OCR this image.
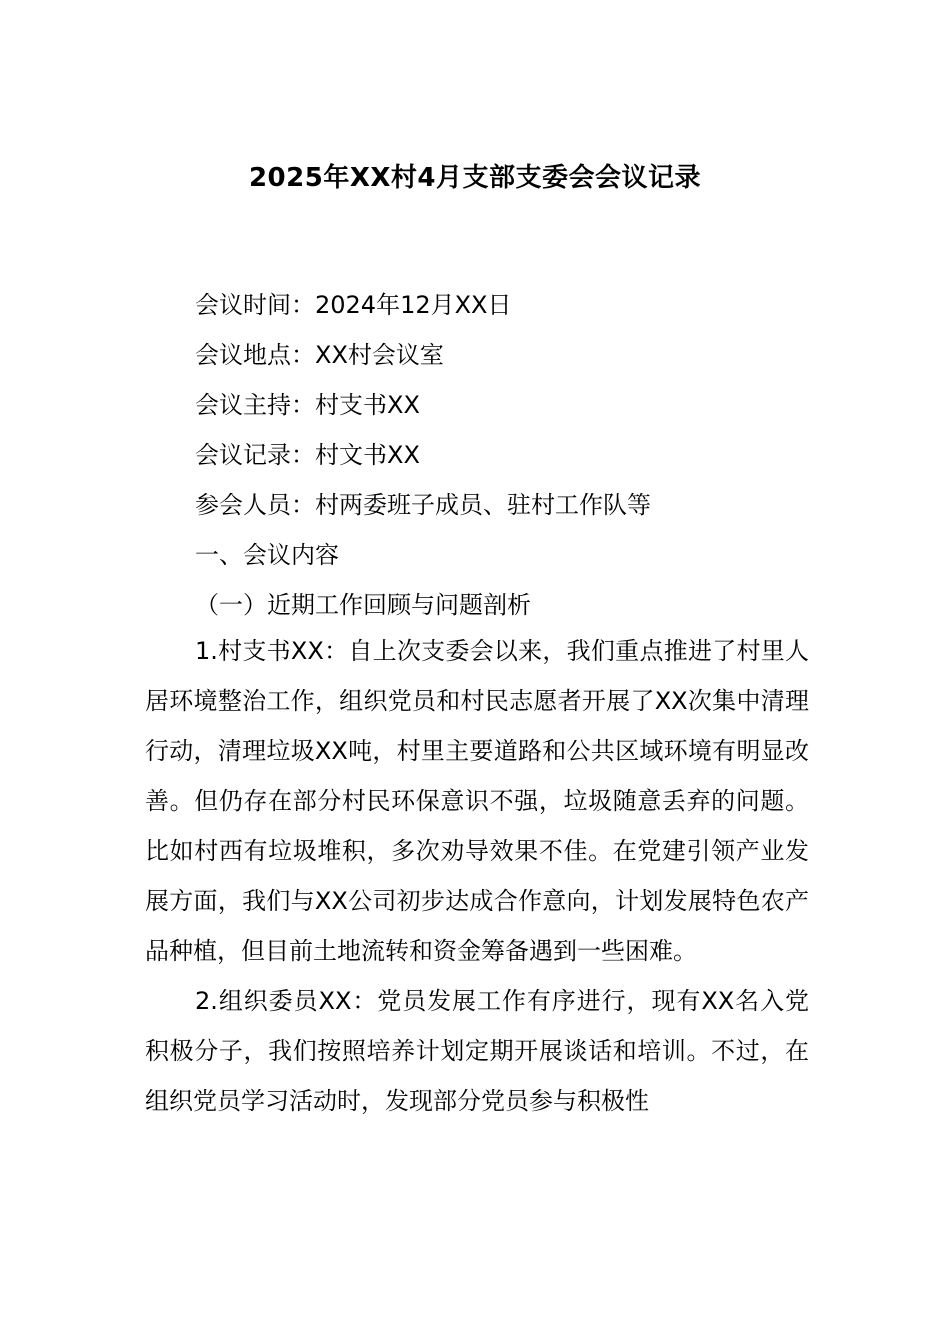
2025年XX村4月支部支委会会议记录
会议时间：2024年12月XX日
会议地点：XX村会议室
会议主持：村支书XX
会议记录：村文书XX
参会人员：村两委班子成员、驻村工作队等
一、会议内容
（一）近期工作回顾与问题剖析

1.村支书XX：自上次支委会以来，我们重点推进了村里人居环境整治工作，组织党员和村民志愿者开展了XX次集中清理行动，清理垃圾XX吨，村里主要道路和公共区域环境有明显改善。但仍存在部分村民环保意识不强，垃圾随意丢弃的问题。比如村西有垃圾堆积，多次劝导效果不佳。在党建引领产业发展方面，我们与XX公司初步达成合作意向，计划发展特色农产品种植，但目前土地流转和资金筹备遇到一些困难。

2.组织委员XX：党员发展工作有序进行，现有XX名入党积极分子，我们按照培养计划定期开展谈话和培训。不过，在组织党员学习活动时，发现部分党员参与积极性
